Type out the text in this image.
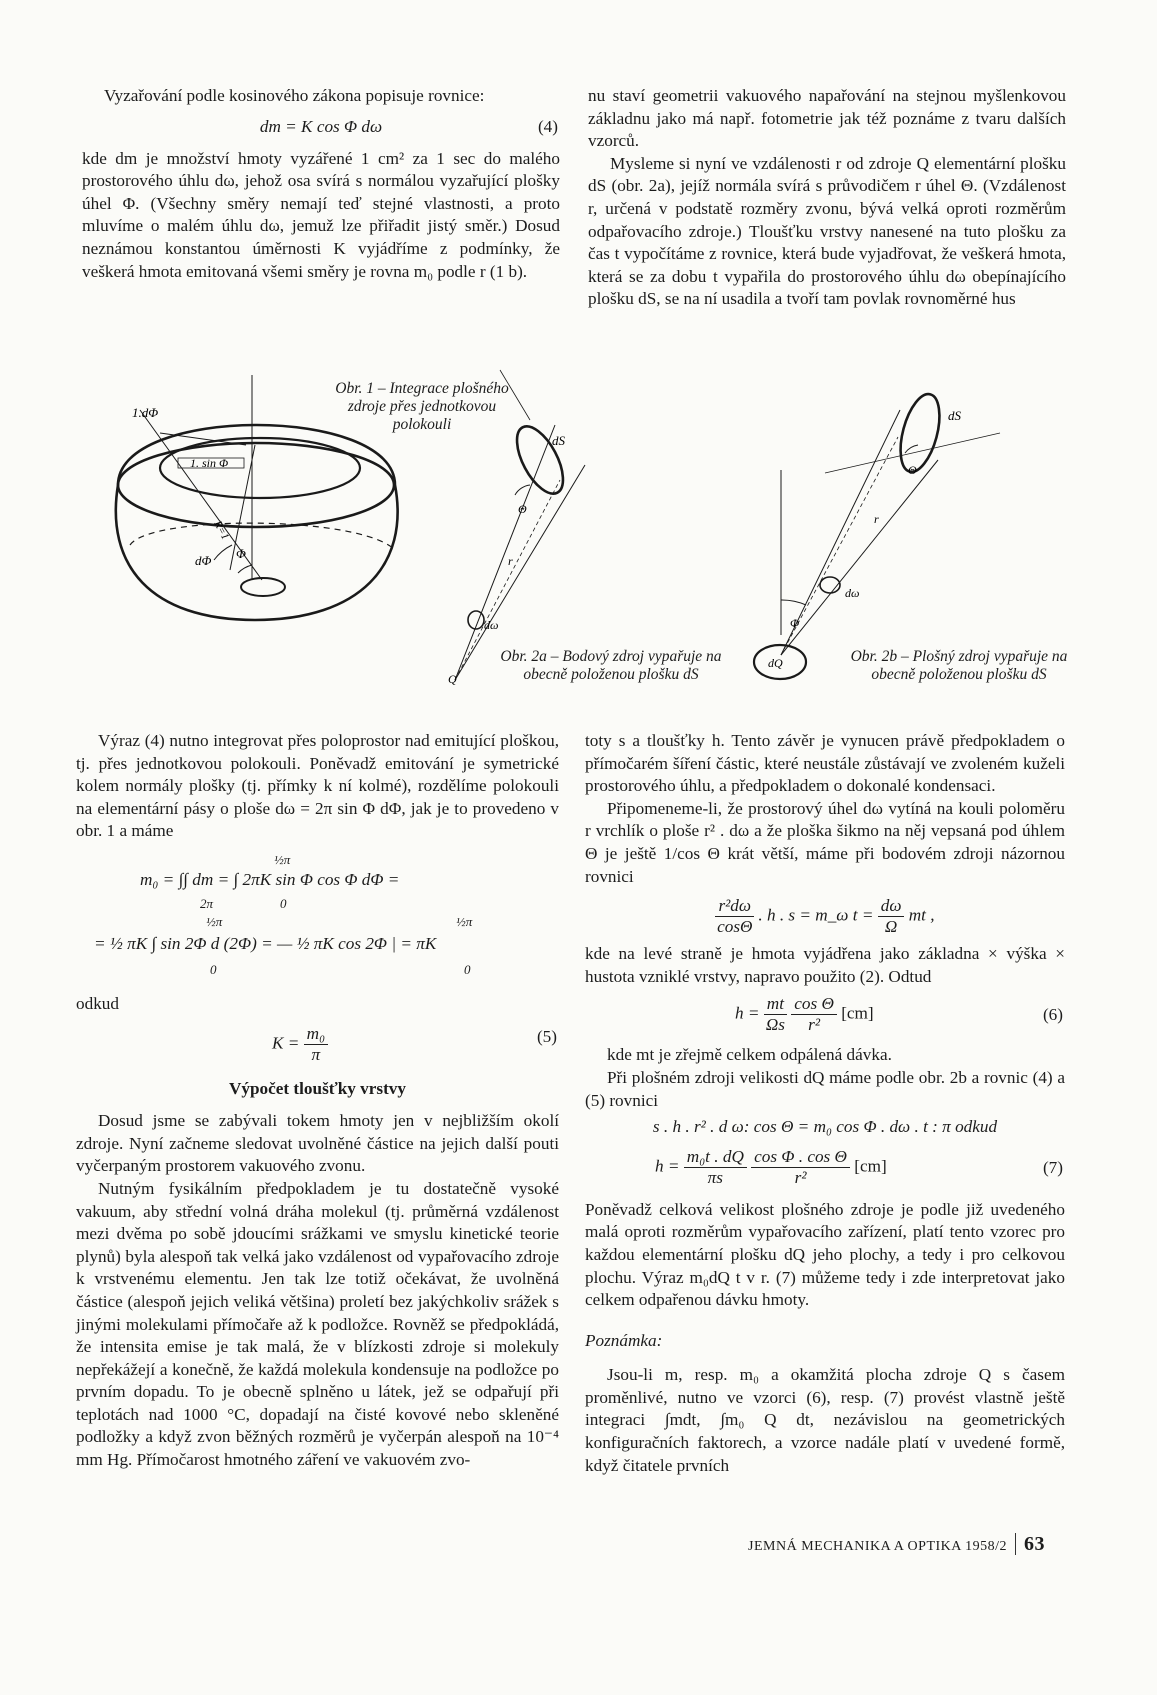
Vyzařování podle kosinového zákona popisuje rovnice:

dm = K cos Φ dω	(4)

kde dm je množství hmoty vyzářené 1 cm² za 1 sec do malého prostorového úhlu dω, jehož osa svírá s normálou vyzařující plošky úhel Φ. (Všechny směry nemají teď stejné vlastnosti, a proto mluvíme o malém úhlu dω, jemuž lze přiřadit jistý směr.) Dosud neznámou konstantou úměrnosti K vyjádříme z podmínky, že veškerá hmota emitovaná všemi směry je rovna m₀ podle r (1 b).

nu staví geometrii vakuového napařování na stejnou myšlenkovou základnu jako má např. fotometrie jak též poznáme z tvaru dalších vzorců.

Mysleme si nyní ve vzdálenosti r od zdroje Q elementární plošku dS (obr. 2a), jejíž normála svírá s průvodičem r úhel Θ. (Vzdálenost r, určená v podstatě rozměry zvonu, bývá velká oproti rozměrům odpařovacího zdroje.) Tloušťku vrstvy nanesené na tuto plošku za čas t vypočítáme z rovnice, která bude vyjadřovat, že veškerá hmota, která se za dobu t vypařila do prostorového úhlu dω obepínajícího plošku dS, se na ní usadila a tvoří tam povlak rovnoměrné hus

1.dΦ
1. sin Φ
R=1
dΦ Φ
dS
Θ
r
dω
Q
dS
Θ
r
dω
Φ
dQ
Obr. 1 – Integrace plošného zdroje přes jednotkovou polokouli
Obr. 2a – Bodový zdroj vypařuje na obecně položenou plošku dS
Obr. 2b – Plošný zdroj vypařuje na obecně položenou plošku dS

Výraz (4) nutno integrovat přes poloprostor nad emitující ploškou, tj. přes jednotkovou polokouli. Poněvadž emitování je symetrické kolem normály plošky (tj. přímky k ní kolmé), rozdělíme polokouli na elementární pásy o ploše dω = 2π sin Φ dΦ, jak je to provedeno v obr. 1 a máme

½π
m₀ = ∫∫ dm = ∫ 2πK sin Φ cos Φ dΦ =
2π	0
½π	½π
= ½ πK ∫ sin 2Φ d (2Φ) = — ½ πK cos 2Φ | = πK
0	0

odkud

$K = \frac{\text{m₀}}{\pi}$	(5)
Výpočet tloušťky vrstvy

Dosud jsme se zabývali tokem hmoty jen v nejbližším okolí zdroje. Nyní začneme sledovat uvolněné částice na jejich další pouti vyčerpaným prostorem vakuového zvonu.

Nutným fysikálním předpokladem je tu dostatečně vysoké vakuum, aby střední volná dráha molekul (tj. průměrná vzdálenost mezi dvěma po sobě jdoucími srážkami ve smyslu kinetické teorie plynů) byla alespoň tak velká jako vzdálenost od vypařovacího zdroje k vrstvenému elementu. Jen tak lze totiž očekávat, že uvolněná částice (alespoň jejich veliká většina) proletí bez jakýchkoliv srážek s jinými molekulami přímočaře až k podložce. Rovněž se předpokládá, že intensita emise je tak malá, že v blízkosti zdroje si molekuly nepřekážejí a konečně, že každá molekula kondensuje na podložce po prvním dopadu. To je obecně splněno u látek, jež se odpařují při teplotách nad 1000 °C, dopadají na čisté kovové nebo skleněné podložky a když zvon běžných rozměrů je vyčerpán alespoň na 10⁻⁴ mm Hg. Přímočarost hmotného záření ve vakuovém zvo-

toty s a tloušťky h. Tento závěr je vynucen právě předpokladem o přímočarém šíření částic, které neustále zůstávají ve zvoleném kuželi prostorového úhlu, a předpokladem o dokonalé kondensaci.

Připomeneme-li, že prostorový úhel dω vytíná na kouli poloměru r vrchlík o ploše r² . dω a že ploška šikmo na něj vepsaná pod úhlem Θ je ještě 1/cos Θ krát větší, máme při bodovém zdroji názornou rovnici

$\frac{\text{r²dω}}{\cos\Theta}$ . h . s = m_ω $t = \frac{d\omega}{\Omega}$ mt ,

kde na levé straně je hmota vyjádřena jako základna × výška × hustota vzniklé vrstvy, napravo použito (2). Odtud

$h = \frac{mt}{\Omega s}$
$\frac{\text{cos Θ}}{\text{r²}} [cm]$	(6)

kde mt je zřejmě celkem odpálená dávka.

Při plošném zdroji velikosti dQ máme podle obr. 2b a rovnic (4) a (5) rovnici

s . h . r² . d ω: cos Θ = m₀ cos Φ . dω . t : π odkud
$h = \frac{\text{m₀t . dQ}}{\pi s}$
$\frac{\text{cos Φ . cos Θ}}{\text{r²}} [cm]$	(7)

Poněvadž celková velikost plošného zdroje je podle již uvedeného malá oproti rozměrům vypařovacího zařízení, platí tento vzorec pro každou elementární plošku dQ jeho plochy, a tedy i pro celkovou plochu. Výraz m₀dQ t v r. (7) můžeme tedy i zde interpretovat jako celkem odpařenou dávku hmoty.

Poznámka:

Jsou-li m, resp. m₀ a okamžitá plocha zdroje Q s časem proměnlivé, nutno ve vzorci (6), resp. (7) provést vlastně ještě integraci ∫mdt, ∫m₀ Q dt, nezávislou na geometrických konfiguračních faktorech, a vzorce nadále platí v uvedené formě, když čitatele prvních

JEMNÁ MECHANIKA A OPTIKA 1958/2 63
